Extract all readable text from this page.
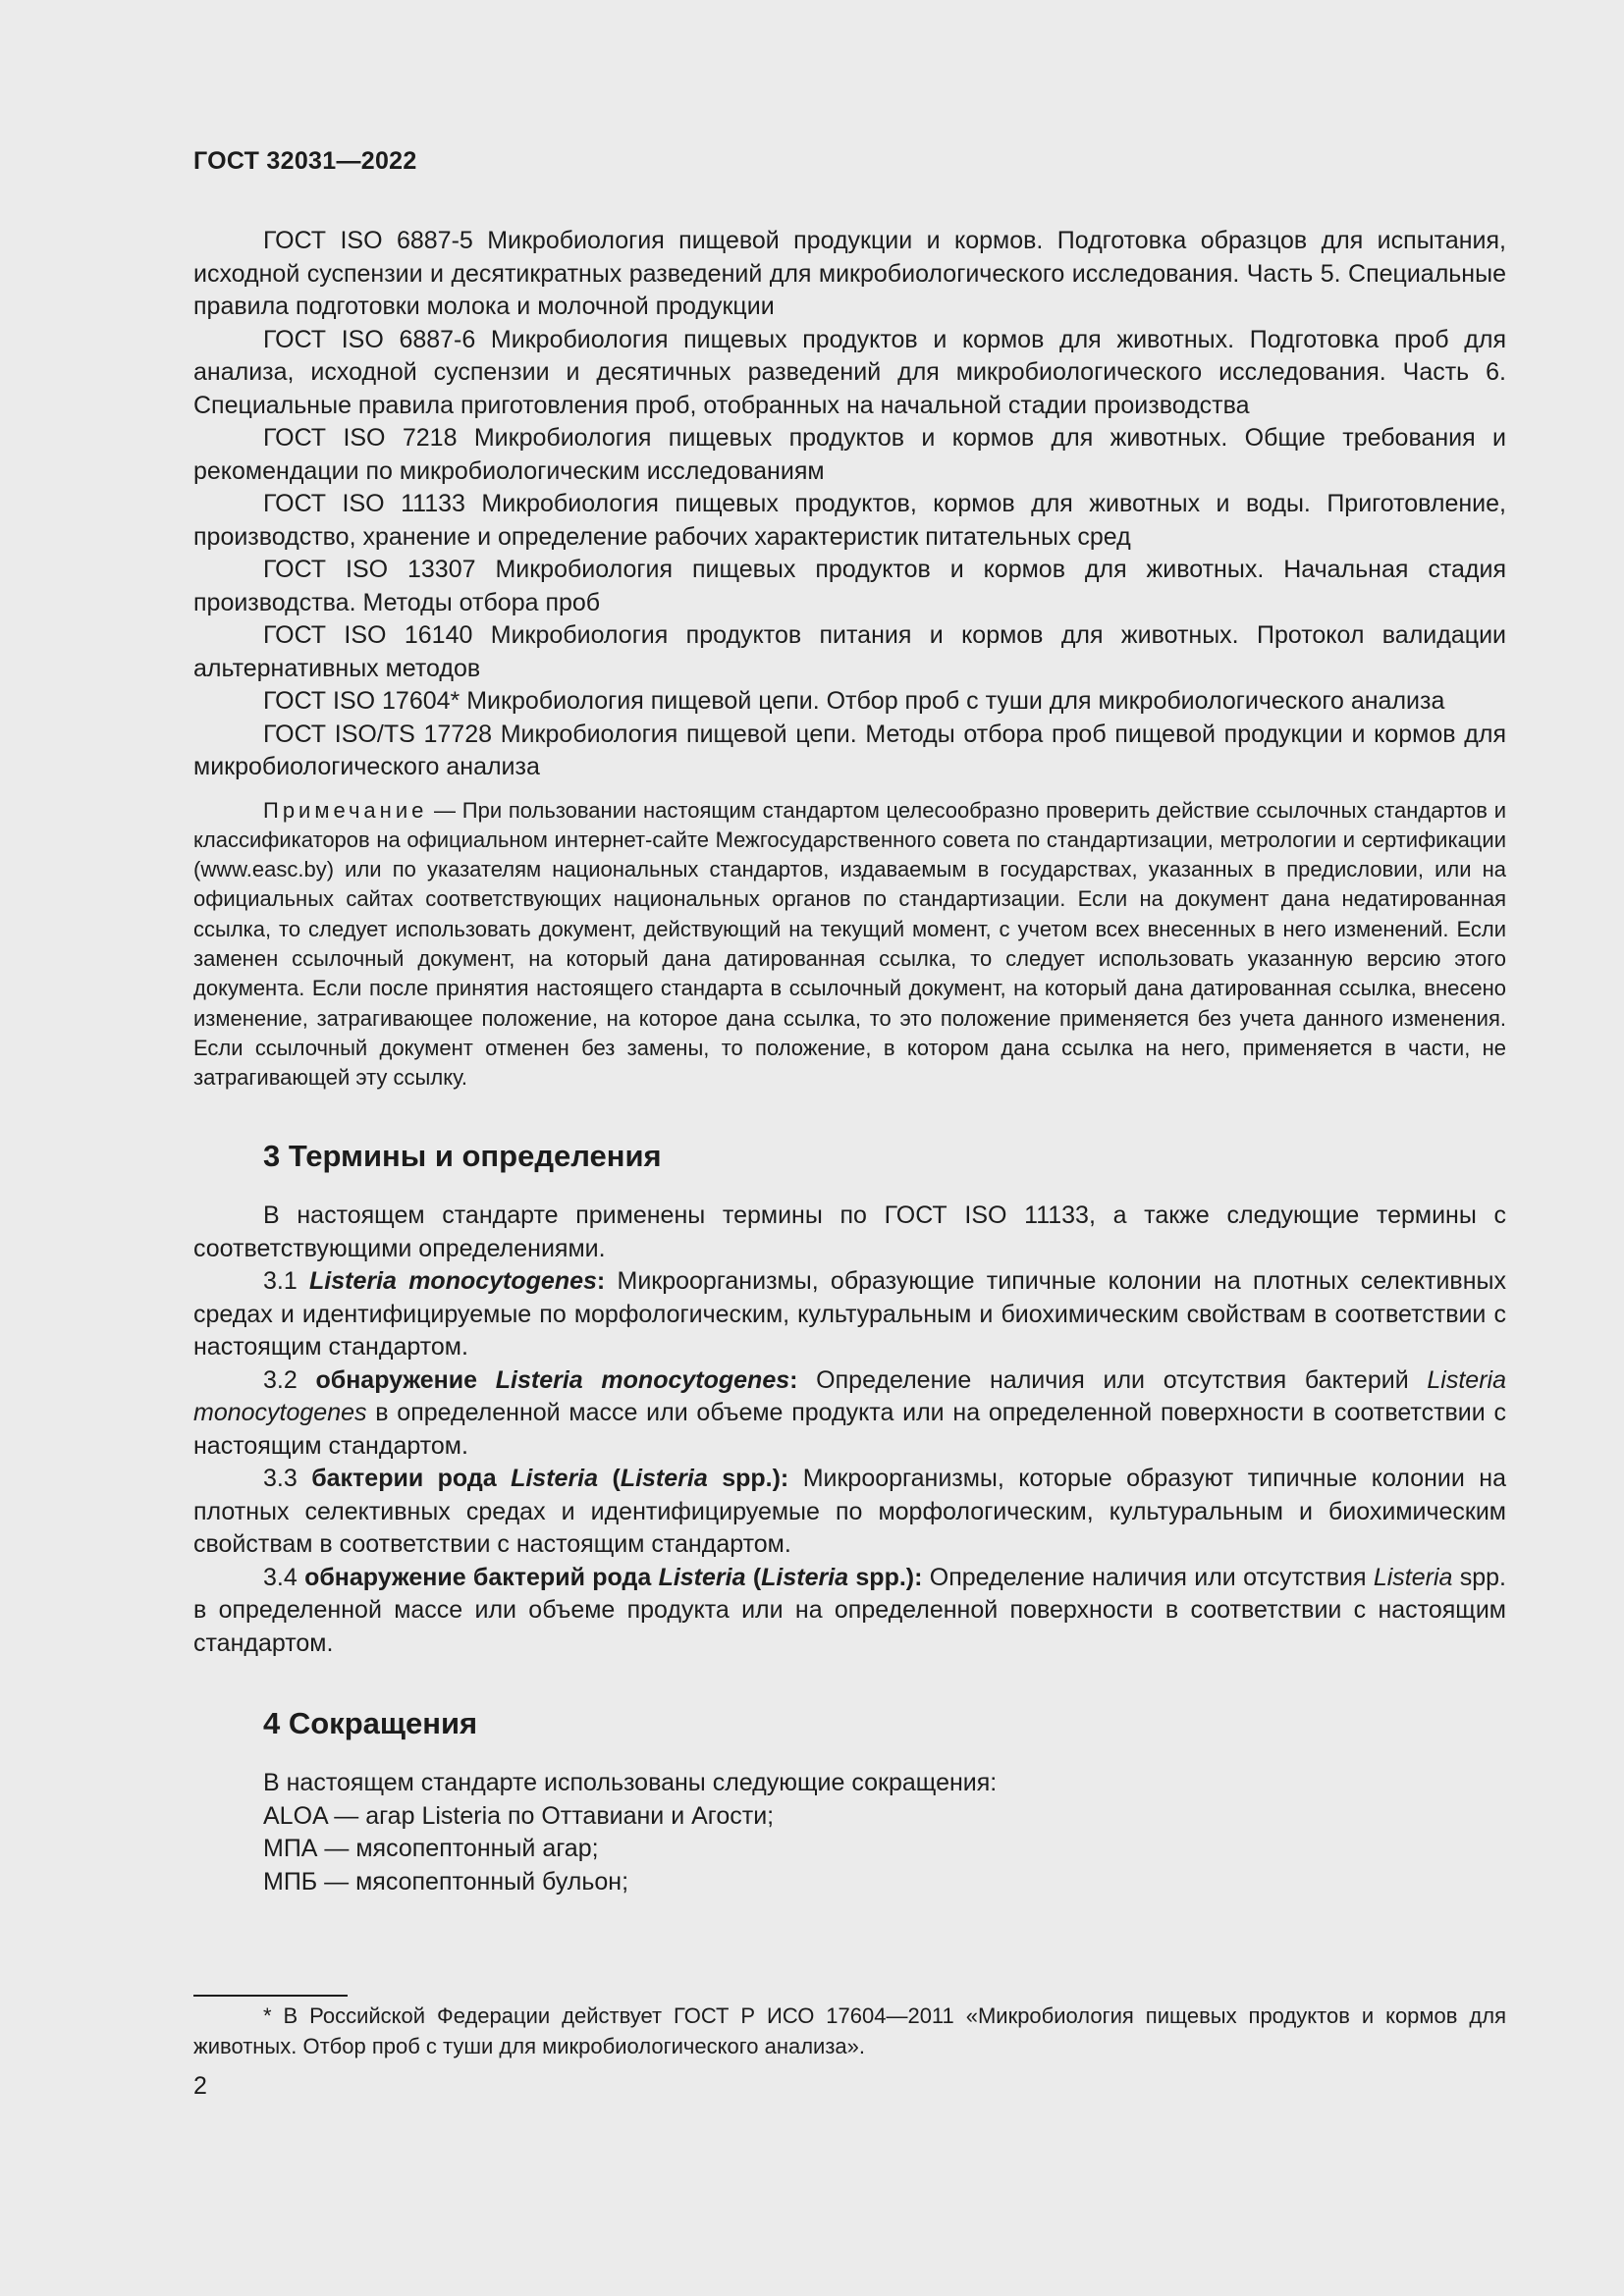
ГОСТ 32031—2022

ГОСТ ISO 6887-5 Микробиология пищевой продукции и кормов. Подготовка образцов для испытания, исходной суспензии и десятикратных разведений для микробиологического исследования. Часть 5. Специальные правила подготовки молока и молочной продукции

ГОСТ ISO 6887-6 Микробиология пищевых продуктов и кормов для животных. Подготовка проб для анализа, исходной суспензии и десятичных разведений для микробиологического исследования. Часть 6. Специальные правила приготовления проб, отобранных на начальной стадии производства

ГОСТ ISO 7218 Микробиология пищевых продуктов и кормов для животных. Общие требования и рекомендации по микробиологическим исследованиям

ГОСТ ISO 11133 Микробиология пищевых продуктов, кормов для животных и воды. Приготовление, производство, хранение и определение рабочих характеристик питательных сред

ГОСТ ISO 13307 Микробиология пищевых продуктов и кормов для животных. Начальная стадия производства. Методы отбора проб

ГОСТ ISO 16140 Микробиология продуктов питания и кормов для животных. Протокол валидации альтернативных методов

ГОСТ ISO 17604* Микробиология пищевой цепи. Отбор проб с туши для микробиологического анализа

ГОСТ ISO/TS 17728 Микробиология пищевой цепи. Методы отбора проб пищевой продукции и кормов для микробиологического анализа

Примечание — При пользовании настоящим стандартом целесообразно проверить действие ссылочных стандартов и классификаторов на официальном интернет-сайте Межгосударственного совета по стандартизации, метрологии и сертификации (www.easc.by) или по указателям национальных стандартов, издаваемым в государствах, указанных в предисловии, или на официальных сайтах соответствующих национальных органов по стандартизации. Если на документ дана недатированная ссылка, то следует использовать документ, действующий на текущий момент, с учетом всех внесенных в него изменений. Если заменен ссылочный документ, на который дана датированная ссылка, то следует использовать указанную версию этого документа. Если после принятия настоящего стандарта в ссылочный документ, на который дана датированная ссылка, внесено изменение, затрагивающее положение, на которое дана ссылка, то это положение применяется без учета данного изменения. Если ссылочный документ отменен без замены, то положение, в котором дана ссылка на него, применяется в части, не затрагивающей эту ссылку.

3 Термины и определения

В настоящем стандарте применены термины по ГОСТ ISO 11133, а также следующие термины с соответствующими определениями.

3.1 Listeria monocytogenes: Микроорганизмы, образующие типичные колонии на плотных селективных средах и идентифицируемые по морфологическим, культуральным и биохимическим свойствам в соответствии с настоящим стандартом.

3.2 обнаружение Listeria monocytogenes: Определение наличия или отсутствия бактерий Listeria monocytogenes в определенной массе или объеме продукта или на определенной поверхности в соответствии с настоящим стандартом.

3.3 бактерии рода Listeria (Listeria spp.): Микроорганизмы, которые образуют типичные колонии на плотных селективных средах и идентифицируемые по морфологическим, культуральным и биохимическим свойствам в соответствии с настоящим стандартом.

3.4 обнаружение бактерий рода Listeria (Listeria spp.): Определение наличия или отсутствия Listeria spp. в определенной массе или объеме продукта или на определенной поверхности в соответствии с настоящим стандартом.

4 Сокращения

В настоящем стандарте использованы следующие сокращения:

ALOA — агар Listeria по Оттавиани и Агости;

МПА — мясопептонный агар;

МПБ — мясопептонный бульон;

* В Российской Федерации действует ГОСТ Р ИСО 17604—2011 «Микробиология пищевых продуктов и кормов для животных. Отбор проб с туши для микробиологического анализа».

2
